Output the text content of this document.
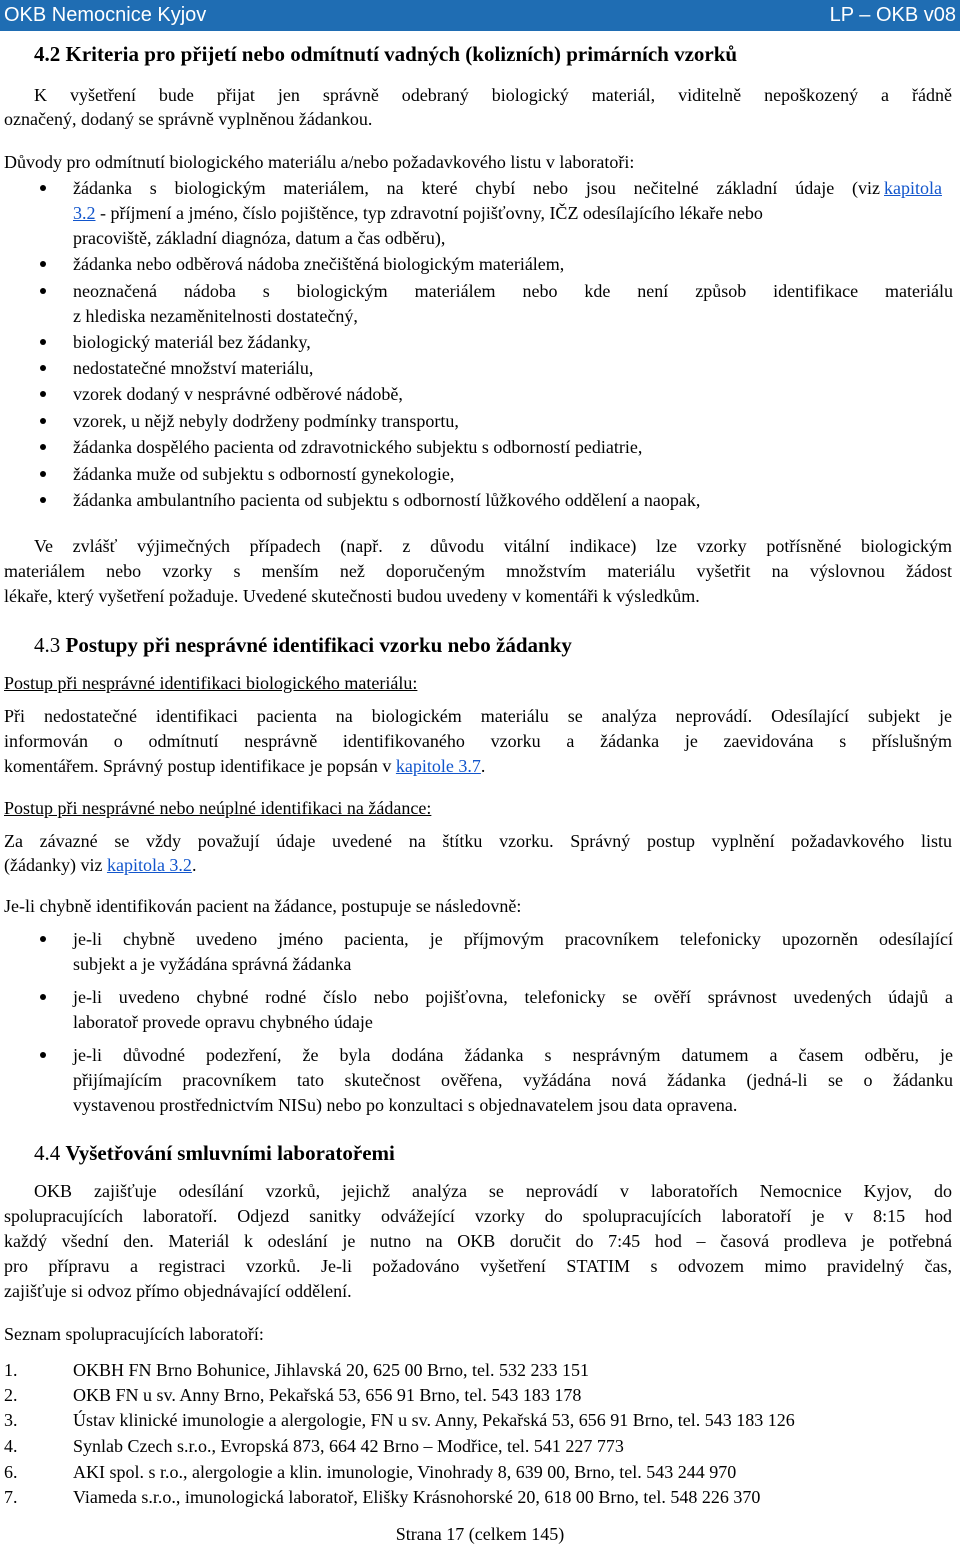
OKB Nemocnice Kyjov	LP – OKB v08
4.2 Kriteria pro přijetí nebo odmítnutí vadných (kolizních) primárních vzorků
K vyšetření bude přijat jen správně odebraný biologický materiál, viditelně nepoškozený a řádně
označený, dodaný se správně vyplněnou žádankou.
Důvody pro odmítnutí biologického materiálu a/nebo požadavkového listu v laboratoři:
žádanka s biologickým materiálem, na které chybí nebo jsou nečitelné základní údaje (viz kapitola
3.2 - příjmení a jméno, číslo pojištěnce, typ zdravotní pojišťovny, IČZ odesílajícího lékaře nebo
pracoviště, základní diagnóza, datum a čas odběru),
žádanka nebo odběrová nádoba znečištěná biologickým materiálem,
neoznačená nádoba s biologickým materiálem nebo kde není způsob identifikace materiálu
z hlediska nezaměnitelnosti dostatečný,
biologický materiál bez žádanky,
nedostatečné množství materiálu,
vzorek dodaný v nesprávné odběrové nádobě,
vzorek, u nějž nebyly dodrženy podmínky transportu,
žádanka dospělého pacienta od zdravotnického subjektu s odborností pediatrie,
žádanka muže od subjektu s odborností gynekologie,
žádanka ambulantního pacienta od subjektu s odborností lůžkového oddělení a naopak,
Ve zvlášť výjimečných případech (např. z důvodu vitální indikace) lze vzorky potřísněné biologickým
materiálem nebo vzorky s menším než doporučeným množstvím materiálu vyšetřit na výslovnou žádost
lékaře, který vyšetření požaduje. Uvedené skutečnosti budou uvedeny v komentáři k výsledkům.
4.3 Postupy při nesprávné identifikaci vzorku nebo žádanky
Postup při nesprávné identifikaci biologického materiálu:
Při nedostatečné identifikaci pacienta na biologickém materiálu se analýza neprovádí. Odesílající subjekt je
informován o odmítnutí nesprávně identifikovaného vzorku a žádanka je zaevidována s příslušným
komentářem. Správný postup identifikace je popsán v kapitole 3.7.
Postup při nesprávné nebo neúplné identifikaci na žádance:
Za závazné se vždy považují údaje uvedené na štítku vzorku. Správný postup vyplnění požadavkového listu
(žádanky) viz kapitola 3.2.
Je-li chybně identifikován pacient na žádance, postupuje se následovně:
je-li chybně uvedeno jméno pacienta, je příjmovým pracovníkem telefonicky upozorněn odesílající
subjekt a je vyžádána správná žádanka
je-li uvedeno chybné rodné číslo nebo pojišťovna, telefonicky se ověří správnost uvedených údajů a
laboratoř provede opravu chybného údaje
je-li důvodné podezření, že byla dodána žádanka s nesprávným datumem a časem odběru, je
přijímajícím pracovníkem tato skutečnost ověřena, vyžádána nová žádanka (jedná-li se o žádanku
vystavenou prostřednictvím NISu) nebo po konzultaci s objednavatelem jsou data opravena.
4.4 Vyšetřování smluvními laboratořemi
OKB zajišťuje odesílání vzorků, jejichž analýza se neprovádí v laboratořích Nemocnice Kyjov, do
spolupracujících laboratoří. Odjezd sanitky odvážející vzorky do spolupracujících laboratoří je v 8:15 hod
každý všední den. Materiál k odeslání je nutno na OKB doručit do 7:45 hod – časová prodleva je potřebná
pro přípravu a registraci vzorků. Je-li požadováno vyšetření STATIM s odvozem mimo pravidelný čas,
zajišťuje si odvoz přímo objednávající oddělení.
Seznam spolupracujících laboratoří:
1.	OKBH FN Brno Bohunice, Jihlavská 20, 625 00 Brno, tel. 532 233 151
2.	OKB FN u sv. Anny Brno, Pekařská 53, 656 91 Brno, tel. 543 183 178
3.	Ústav klinické imunologie a alergologie, FN u sv. Anny, Pekařská 53, 656 91 Brno, tel. 543 183 126
4.	Synlab Czech s.r.o., Evropská 873, 664 42 Brno – Modřice, tel. 541 227 773
6.	AKI spol. s r.o., alergologie a klin. imunologie, Vinohrady 8, 639 00, Brno, tel. 543 244 970
7.	Viameda s.r.o., imunologická laboratoř, Elišky Krásnohorské 20, 618 00 Brno, tel. 548 226 370
Strana 17 (celkem 145)
